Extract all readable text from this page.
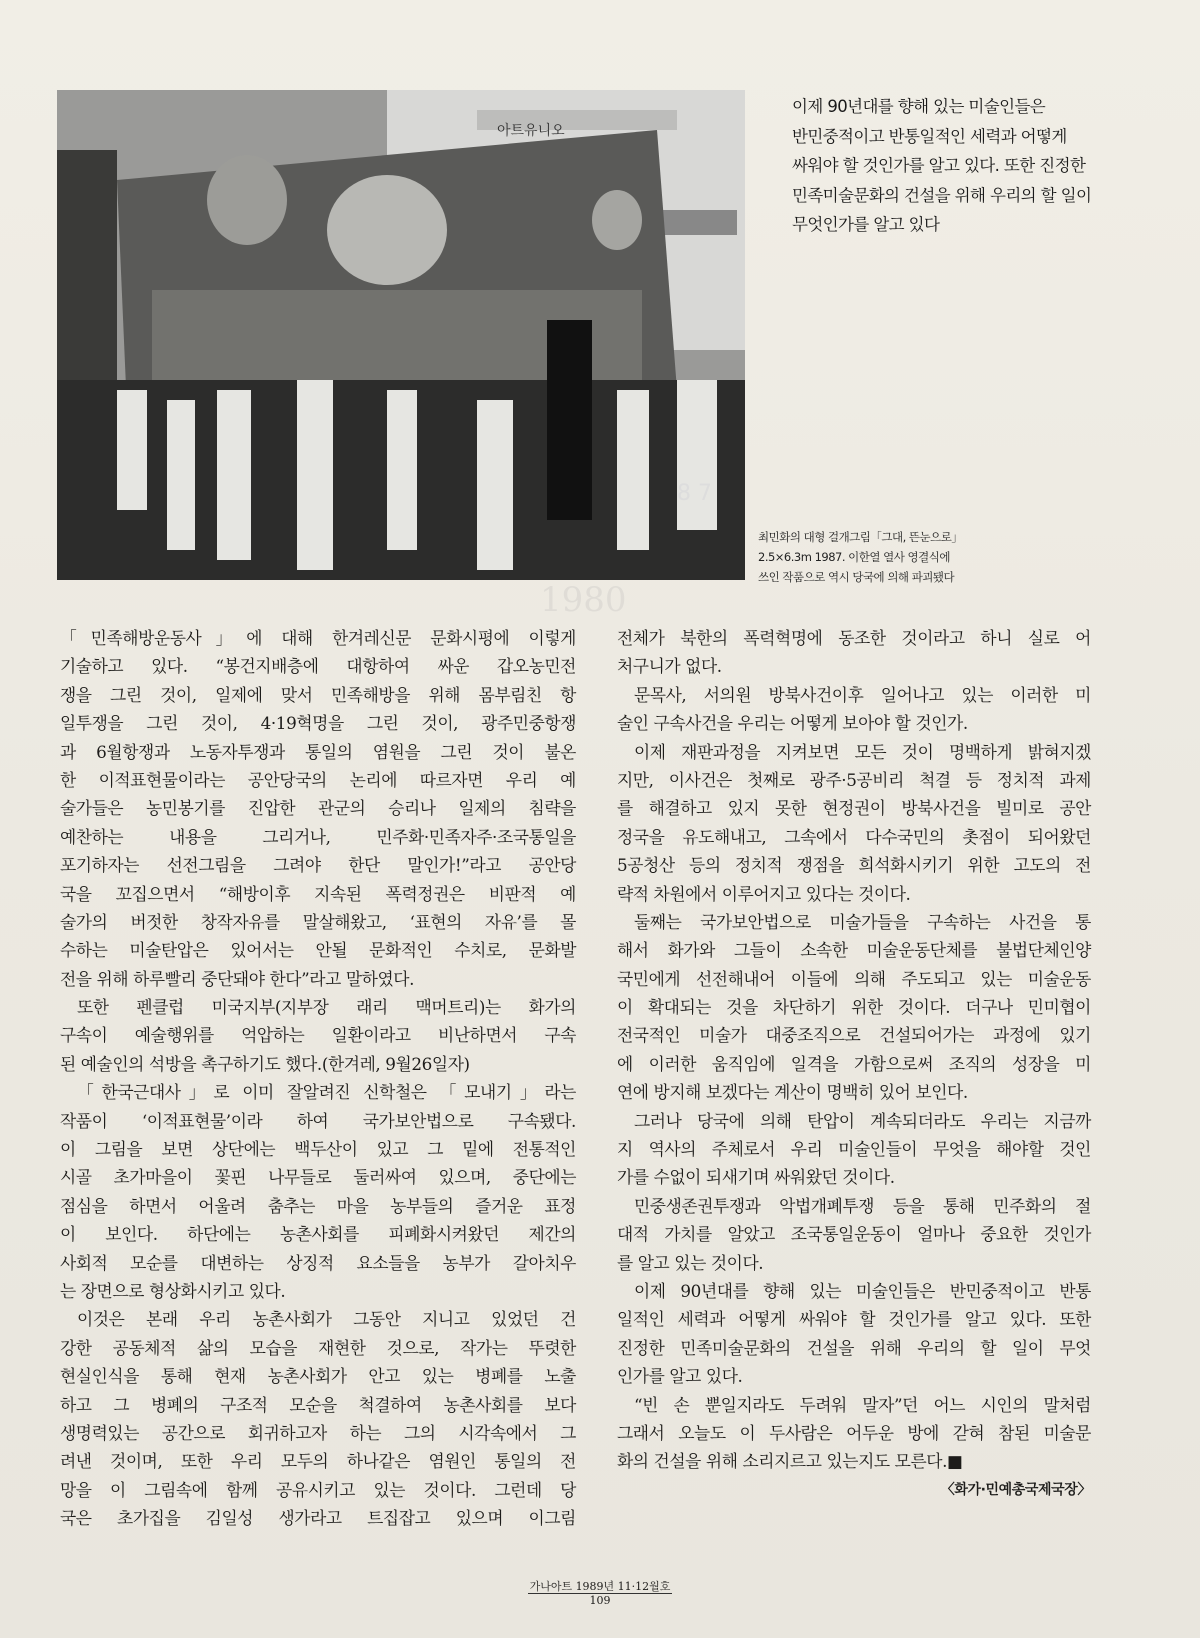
1980
아트유니오
8 7
이제 90년대를 향해 있는 미술인들은
반민중적이고 반통일적인 세력과 어떻게
싸워야 할 것인가를 알고 있다. 또한 진정한
민족미술문화의 건설을 위해 우리의 할 일이
무엇인가를 알고 있다
최민화의 대형 걸개그림「그대, 뜬눈으로」
2.5×6.3m 1987. 이한열 열사 영결식에
쓰인 작품으로 역시 당국에 의해 파괴됐다
「민족해방운동사」에 대해 한겨레신문 문화시평에 이렇게
기술하고 있다. “봉건지배층에 대항하여 싸운 갑오농민전
쟁을 그린 것이, 일제에 맞서 민족해방을 위해 몸부림친 항
일투쟁을 그린 것이, 4·19혁명을 그린 것이, 광주민중항쟁
과 6월항쟁과 노동자투쟁과 통일의 염원을 그린 것이 불온
한 이적표현물이라는 공안당국의 논리에 따르자면 우리 예
술가들은 농민봉기를 진압한 관군의 승리나 일제의 침략을
예찬하는 내용을 그리거나, 민주화·민족자주·조국통일을
포기하자는 선전그림을 그려야 한단 말인가!”라고 공안당
국을 꼬집으면서 “해방이후 지속된 폭력정권은 비판적 예
술가의 버젓한 창작자유를 말살해왔고, ‘표현의 자유’를 몰
수하는 미술탄압은 있어서는 안될 문화적인 수치로, 문화발
전을 위해 하루빨리 중단돼야 한다”라고 말하였다.
또한 펜클럽 미국지부(지부장 래리 맥머트리)는 화가의
구속이 예술행위를 억압하는 일환이라고 비난하면서 구속
된 예술인의 석방을 촉구하기도 했다.(한겨레, 9월26일자)
「한국근대사」로 이미 잘알려진 신학철은 「모내기」라는
작품이 ‘이적표현물’이라 하여 국가보안법으로 구속됐다.
이 그림을 보면 상단에는 백두산이 있고 그 밑에 전통적인
시골 초가마을이 꽃핀 나무들로 둘러싸여 있으며, 중단에는
점심을 하면서 어울려 춤추는 마을 농부들의 즐거운 표정
이 보인다. 하단에는 농촌사회를 피폐화시켜왔던 제간의
사회적 모순를 대변하는 상징적 요소들을 농부가 갈아치우
는 장면으로 형상화시키고 있다.
이것은 본래 우리 농촌사회가 그동안 지니고 있었던 건
강한 공동체적 삶의 모습을 재현한 것으로, 작가는 뚜렷한
현실인식을 통해 현재 농촌사회가 안고 있는 병폐를 노출
하고 그 병폐의 구조적 모순을 척결하여 농촌사회를 보다
생명력있는 공간으로 회귀하고자 하는 그의 시각속에서 그
려낸 것이며, 또한 우리 모두의 하나같은 염원인 통일의 전
망을 이 그림속에 함께 공유시키고 있는 것이다. 그런데 당
국은 초가집을 김일성 생가라고 트집잡고 있으며 이그림
전체가 북한의 폭력혁명에 동조한 것이라고 하니 실로 어
처구니가 없다.
문목사, 서의원 방북사건이후 일어나고 있는 이러한 미
술인 구속사건을 우리는 어떻게 보아야 할 것인가.
이제 재판과정을 지켜보면 모든 것이 명백하게 밝혀지겠
지만, 이사건은 첫째로 광주·5공비리 척결 등 정치적 과제
를 해결하고 있지 못한 현정권이 방북사건을 빌미로 공안
정국을 유도해내고, 그속에서 다수국민의 촛점이 되어왔던
5공청산 등의 정치적 쟁점을 희석화시키기 위한 고도의 전
략적 차원에서 이루어지고 있다는 것이다.
둘째는 국가보안법으로 미술가들을 구속하는 사건을 통
해서 화가와 그들이 소속한 미술운동단체를 불법단체인양
국민에게 선전해내어 이들에 의해 주도되고 있는 미술운동
이 확대되는 것을 차단하기 위한 것이다. 더구나 민미협이
전국적인 미술가 대중조직으로 건설되어가는 과정에 있기
에 이러한 움직임에 일격을 가함으로써 조직의 성장을 미
연에 방지해 보겠다는 계산이 명백히 있어 보인다.
그러나 당국에 의해 탄압이 계속되더라도 우리는 지금까
지 역사의 주체로서 우리 미술인들이 무엇을 해야할 것인
가를 수없이 되새기며 싸워왔던 것이다.
민중생존권투쟁과 악법개폐투쟁 등을 통해 민주화의 절
대적 가치를 알았고 조국통일운동이 얼마나 중요한 것인가
를 알고 있는 것이다.
이제 90년대를 향해 있는 미술인들은 반민중적이고 반통
일적인 세력과 어떻게 싸워야 할 것인가를 알고 있다. 또한
진정한 민족미술문화의 건설을 위해 우리의 할 일이 무엇
인가를 알고 있다.
“빈 손 뿐일지라도 두려워 말자”던 어느 시인의 말처럼
그래서 오늘도 이 두사람은 어두운 방에 갇혀 참된 미술문
화의 건설을 위해 소리지르고 있는지도 모른다.■
〈화가·민예총국제국장〉
가나아트 1989년 11·12월호
109
